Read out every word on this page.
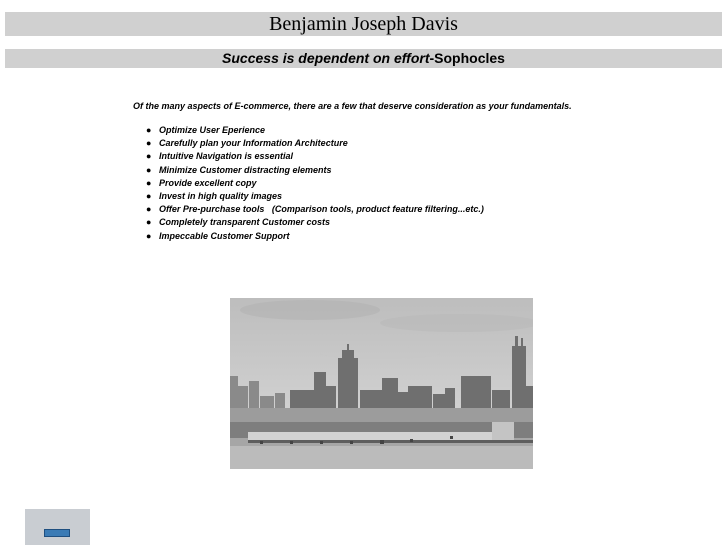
Benjamin Joseph Davis
Success is dependent on effort-Sophocles

Of the many aspects of E-commerce, there are a few that deserve consideration as your fundamentals.

● Optimize User Eperience
● Carefully plan your Information Architecture
● Intuitive Navigation is essential
● Minimize Customer distracting elements
● Provide excellent copy
● Invest in high quality images
● Offer Pre-purchase tools   (Comparison tools, product feature filtering...etc.)
● Completely transparent Customer costs
● Impeccable Customer Support
